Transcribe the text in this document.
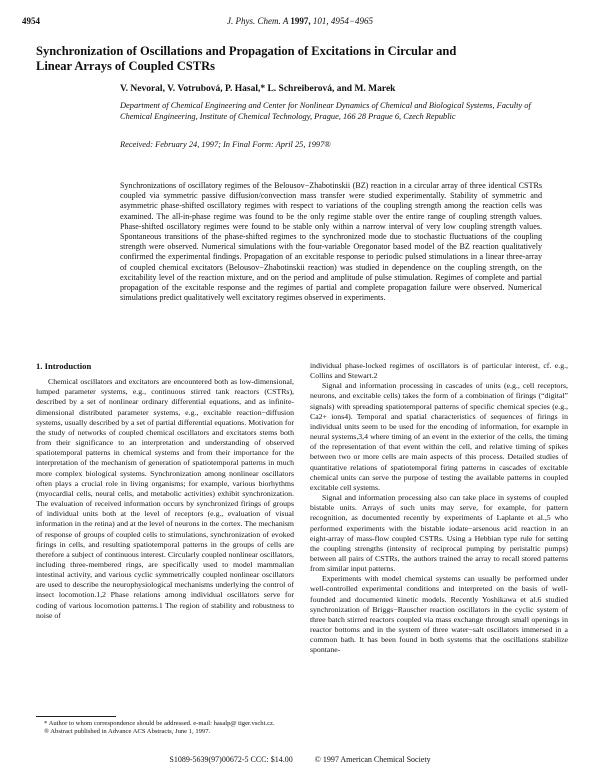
4954	J. Phys. Chem. A 1997, 101, 4954−4965
Synchronization of Oscillations and Propagation of Excitations in Circular and Linear Arrays of Coupled CSTRs
V. Nevoral, V. Votrubová, P. Hasal,* L. Schreiberová, and M. Marek
Department of Chemical Engineering and Center for Nonlinear Dynamics of Chemical and Biological Systems, Faculty of Chemical Engineering, Institute of Chemical Technology, Prague, 166 28 Prague 6, Czech Republic
Received: February 24, 1997; In Final Form: April 25, 1997®
Synchronizations of oscillatory regimes of the Belousov−Zhabotinskii (BZ) reaction in a circular array of three identical CSTRs coupled via symmetric passive diffusion/convection mass transfer were studied experimentally. Stability of symmetric and asymmetric phase-shifted oscillatory regimes with respect to variations of the coupling strength among the reaction cells was examined. The all-in-phase regime was found to be the only regime stable over the entire range of coupling strength values. Phase-shifted oscillatory regimes were found to be stable only within a narrow interval of very low coupling strength values. Spontaneous transitions of the phase-shifted regimes to the synchronized mode due to stochastic fluctuations of the coupling strength were observed. Numerical simulations with the four-variable Oregonator based model of the BZ reaction qualitatively confirmed the experimental findings. Propagation of an excitable response to periodic pulsed stimulations in a linear three-array of coupled chemical excitators (Belousov−Zhabotinskii reaction) was studied in dependence on the coupling strength, on the excitability level of the reaction mixture, and on the period and amplitude of pulse stimulation. Regimes of complete and partial propagation of the excitable response and the regimes of partial and complete propagation failure were observed. Numerical simulations predict qualitatively well excitatory regimes observed in experiments.
1. Introduction

Chemical oscillators and excitators are encountered both as low-dimensional, lumped parameter systems, e.g., continuous stirred tank reactors (CSTRs), described by a set of nonlinear ordinary differential equations, and as infinite-dimensional distributed parameter systems, e.g., excitable reaction−diffusion systems, usually described by a set of partial differential equations. Motivation for the study of networks of coupled chemical oscillators and excitators stems both from their significance to an interpretation and understanding of observed spatiotemporal patterns in chemical systems and from their importance for the interpretation of the mechanism of generation of spatiotemporal patterns in much more complex biological systems. Synchronization among nonlinear oscillators often plays a crucial role in living organisms; for example, various biorhythms (myocardial cells, neural cells, and metabolic activities) exhibit synchronization. The evaluation of received information occurs by synchronized firings of groups of individual units both at the level of receptors (e.g., evaluation of visual information in the retina) and at the level of neurons in the cortex. The mechanism of response of groups of coupled cells to stimulations, synchronization of evoked firings in cells, and resulting spatiotemporal patterns in the groups of cells are therefore a subject of continuous interest. Circularly coupled nonlinear oscillators, including three-membered rings, are specifically used to model mammalian intestinal activity, and various cyclic symmetrically coupled nonlinear oscillators are used to describe the neurophysiological mechanisms underlying the control of insect locomotion.1,2 Phase relations among individual oscillators serve for coding of various locomotion patterns.1 The region of stability and robustness to noise of

individual phase-locked regimes of oscillators is of particular interest, cf. e.g., Collins and Stewart.2

Signal and information processing in cascades of units (e.g., cell receptors, neurons, and excitable cells) takes the form of a combination of firings (“digital” signals) with spreading spatiotemporal patterns of specific chemical species (e.g., Ca2+ ions4). Temporal and spatial characteristics of sequences of firings in individual units seem to be used for the encoding of information, for example in neural systems,3,4 where timing of an event in the exterior of the cells, the timing of the representation of that event within the cell, and relative timing of spikes between two or more cells are main aspects of this process. Detailed studies of quantitative relations of spatiotemporal firing patterns in cascades of excitable chemical units can serve the purpose of testing the available patterns in coupled excitable cell systems.

Signal and information processing also can take place in systems of coupled bistable units. Arrays of such units may serve, for example, for pattern recognition, as documented recently by experiments of Laplante et al.,5 who performed experiments with the bistable iodate−arsenous acid reaction in an eight-array of mass-flow coupled CSTRs. Using a Hebbian type rule for setting the coupling strengths (intensity of reciprocal pumping by peristaltic pumps) between all pairs of CSTRs, the authors trained the array to recall stored patterns from similar input patterns.

Experiments with model chemical systems can usually be performed under well-controlled experimental conditions and interpreted on the basis of well-founded and documented kinetic models. Recently Yoshikawa et al.6 studied synchronization of Briggs−Rauscher reaction oscillators in the cyclic system of three batch stirred reactors coupled via mass exchange through small openings in reactor bottoms and in the system of three water−salt oscillators immersed in a common bath. It has been found in both systems that the oscillations stabilize spontane-

* Author to whom correspondence should be addressed. e-mail: hasalp@ tiger.vscht.cz.
® Abstract published in Advance ACS Abstracts, June 1, 1997.
S1089-5639(97)00672-5 CCC: $14.00	© 1997 American Chemical Society
